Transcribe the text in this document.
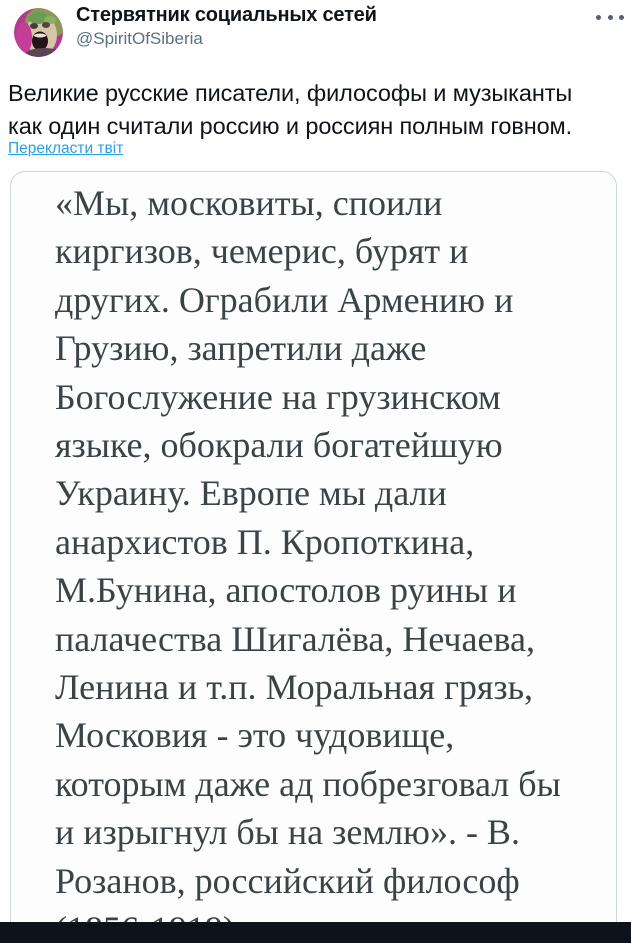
Стервятник социальных сетей
@SpiritOfSiberia
Великие русские писатели, философы и музыканты
как один считали россию и россиян полным говном.
Перекласти твіт
«Мы, московиты, споили
киргизов, чемерис, бурят и
других. Ограбили Армению и
Грузию, запретили даже
Богослужение на грузинском
языке, обокрали богатейшую
Украину. Европе мы дали
анархистов П. Кропоткина,
М.Бунина, апостолов руины и
палачества Шигалёва, Нечаева,
Ленина и т.п. Моральная грязь,
Московия - это чудовище,
которым даже ад побрезговал бы
и изрыгнул бы на землю». - В.
Розанов, российский философ
